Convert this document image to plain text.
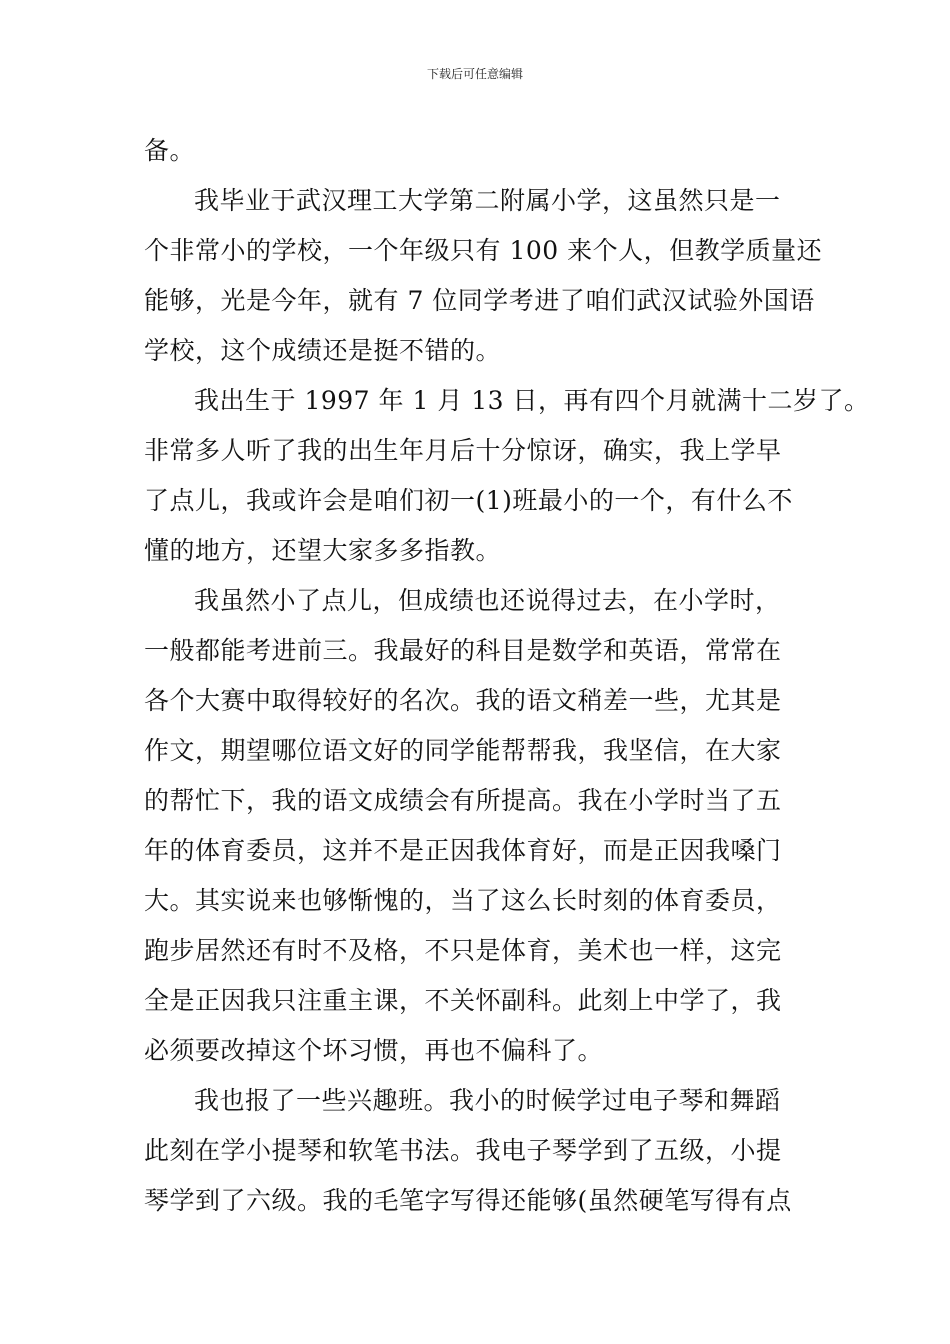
下载后可任意编辑
备。
我毕业于武汉理工大学第二附属小学，这虽然只是一
个非常小的学校，一个年级只有 100 来个人，但教学质量还
能够，光是今年，就有 7 位同学考进了咱们武汉试验外国语
学校，这个成绩还是挺不错的。
我出生于 1997 年 1 月 13 日，再有四个月就满十二岁了。
非常多人听了我的出生年月后十分惊讶，确实，我上学早
了点儿，我或许会是咱们初一(1)班最小的一个，有什么不
懂的地方，还望大家多多指教。
我虽然小了点儿，但成绩也还说得过去，在小学时，
一般都能考进前三。我最好的科目是数学和英语，常常在
各个大赛中取得较好的名次。我的语文稍差一些，尤其是
作文，期望哪位语文好的同学能帮帮我，我坚信，在大家
的帮忙下，我的语文成绩会有所提高。我在小学时当了五
年的体育委员，这并不是正因我体育好，而是正因我嗓门
大。其实说来也够惭愧的，当了这么长时刻的体育委员，
跑步居然还有时不及格，不只是体育，美术也一样，这完
全是正因我只注重主课，不关怀副科。此刻上中学了，我
必须要改掉这个坏习惯，再也不偏科了。
我也报了一些兴趣班。我小的时候学过电子琴和舞蹈
此刻在学小提琴和软笔书法。我电子琴学到了五级，小提
琴学到了六级。我的毛笔字写得还能够(虽然硬笔写得有点
